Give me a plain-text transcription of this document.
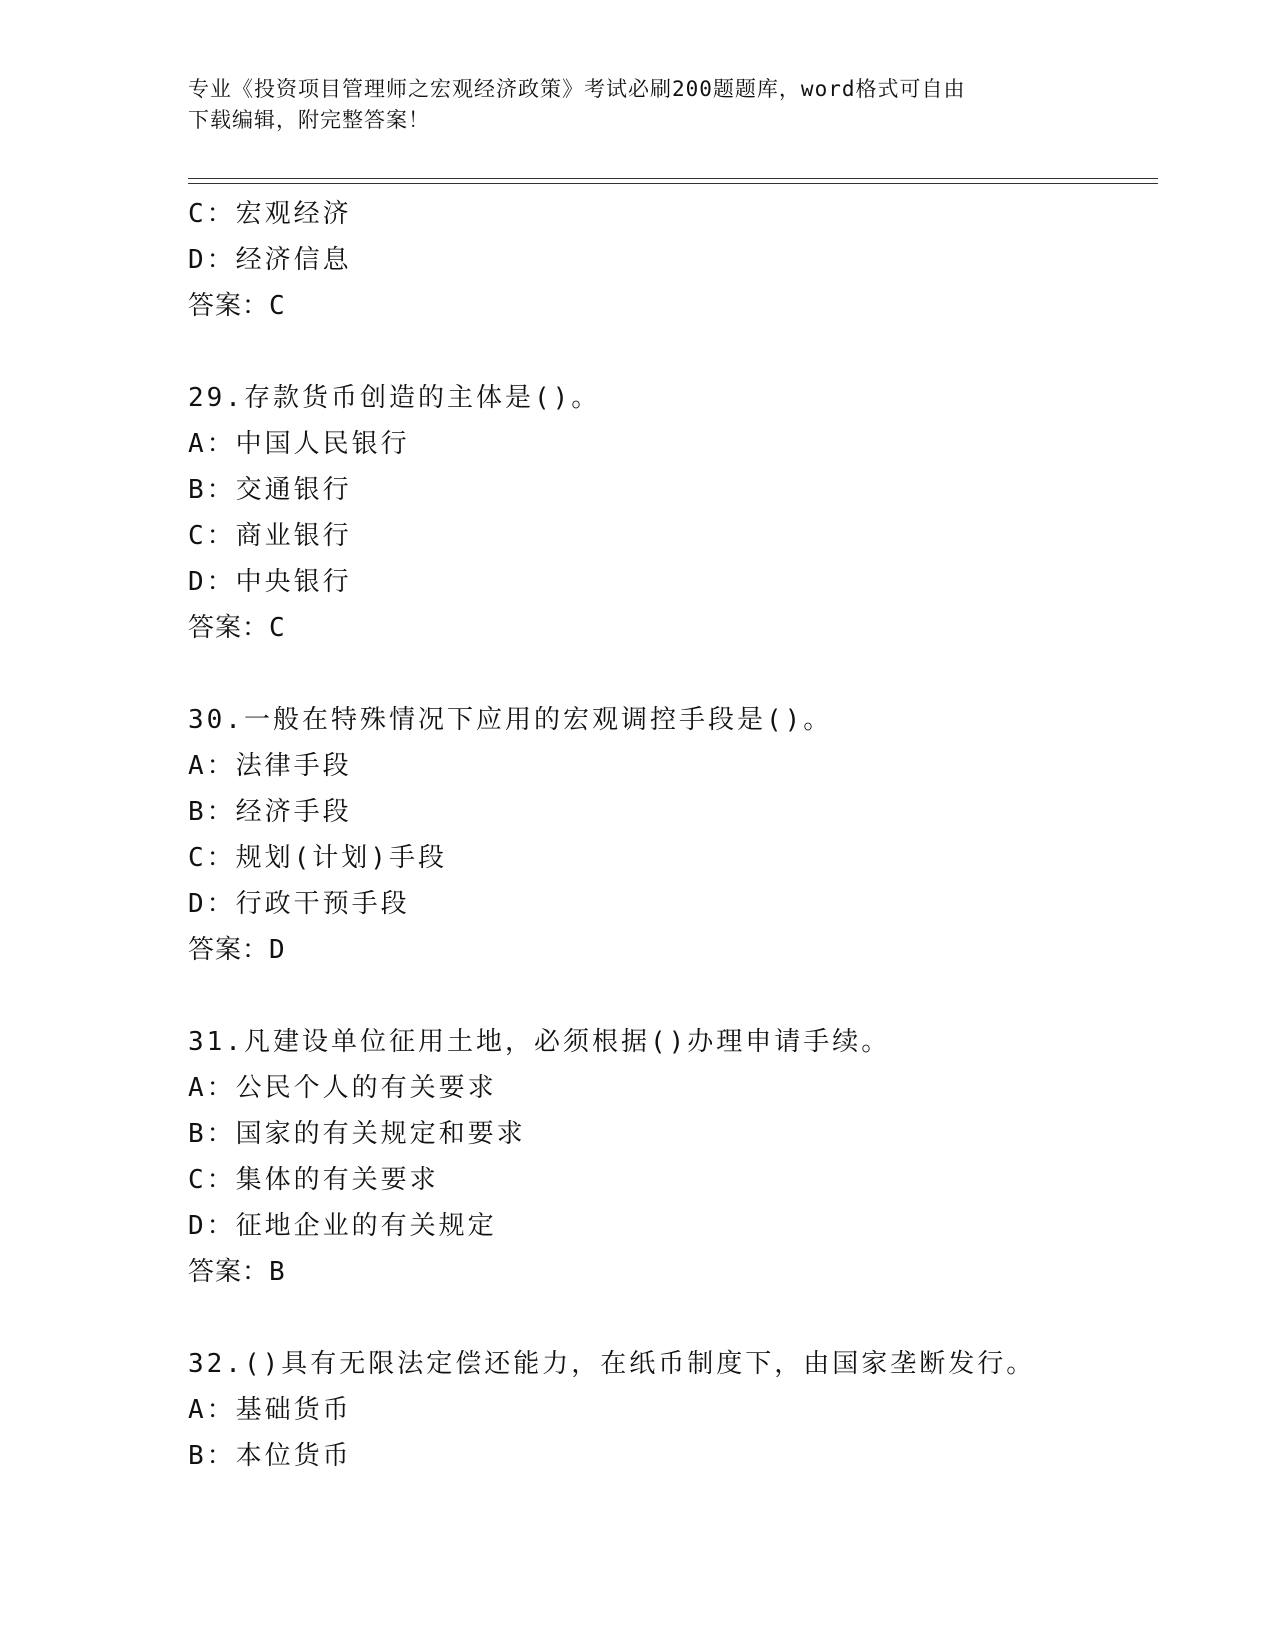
专业《投资项目管理师之宏观经济政策》考试必刷200题题库，word格式可自由
下载编辑，附完整答案！
C：宏观经济
D：经济信息
答案：C
29.存款货币创造的主体是()。
A：中国人民银行
B：交通银行
C：商业银行
D：中央银行
答案：C
30.一般在特殊情况下应用的宏观调控手段是()。
A：法律手段
B：经济手段
C：规划(计划)手段
D：行政干预手段
答案：D
31.凡建设单位征用土地，必须根据()办理申请手续。
A：公民个人的有关要求
B：国家的有关规定和要求
C：集体的有关要求
D：征地企业的有关规定
答案：B
32.()具有无限法定偿还能力，在纸币制度下，由国家垄断发行。
A：基础货币
B：本位货币
